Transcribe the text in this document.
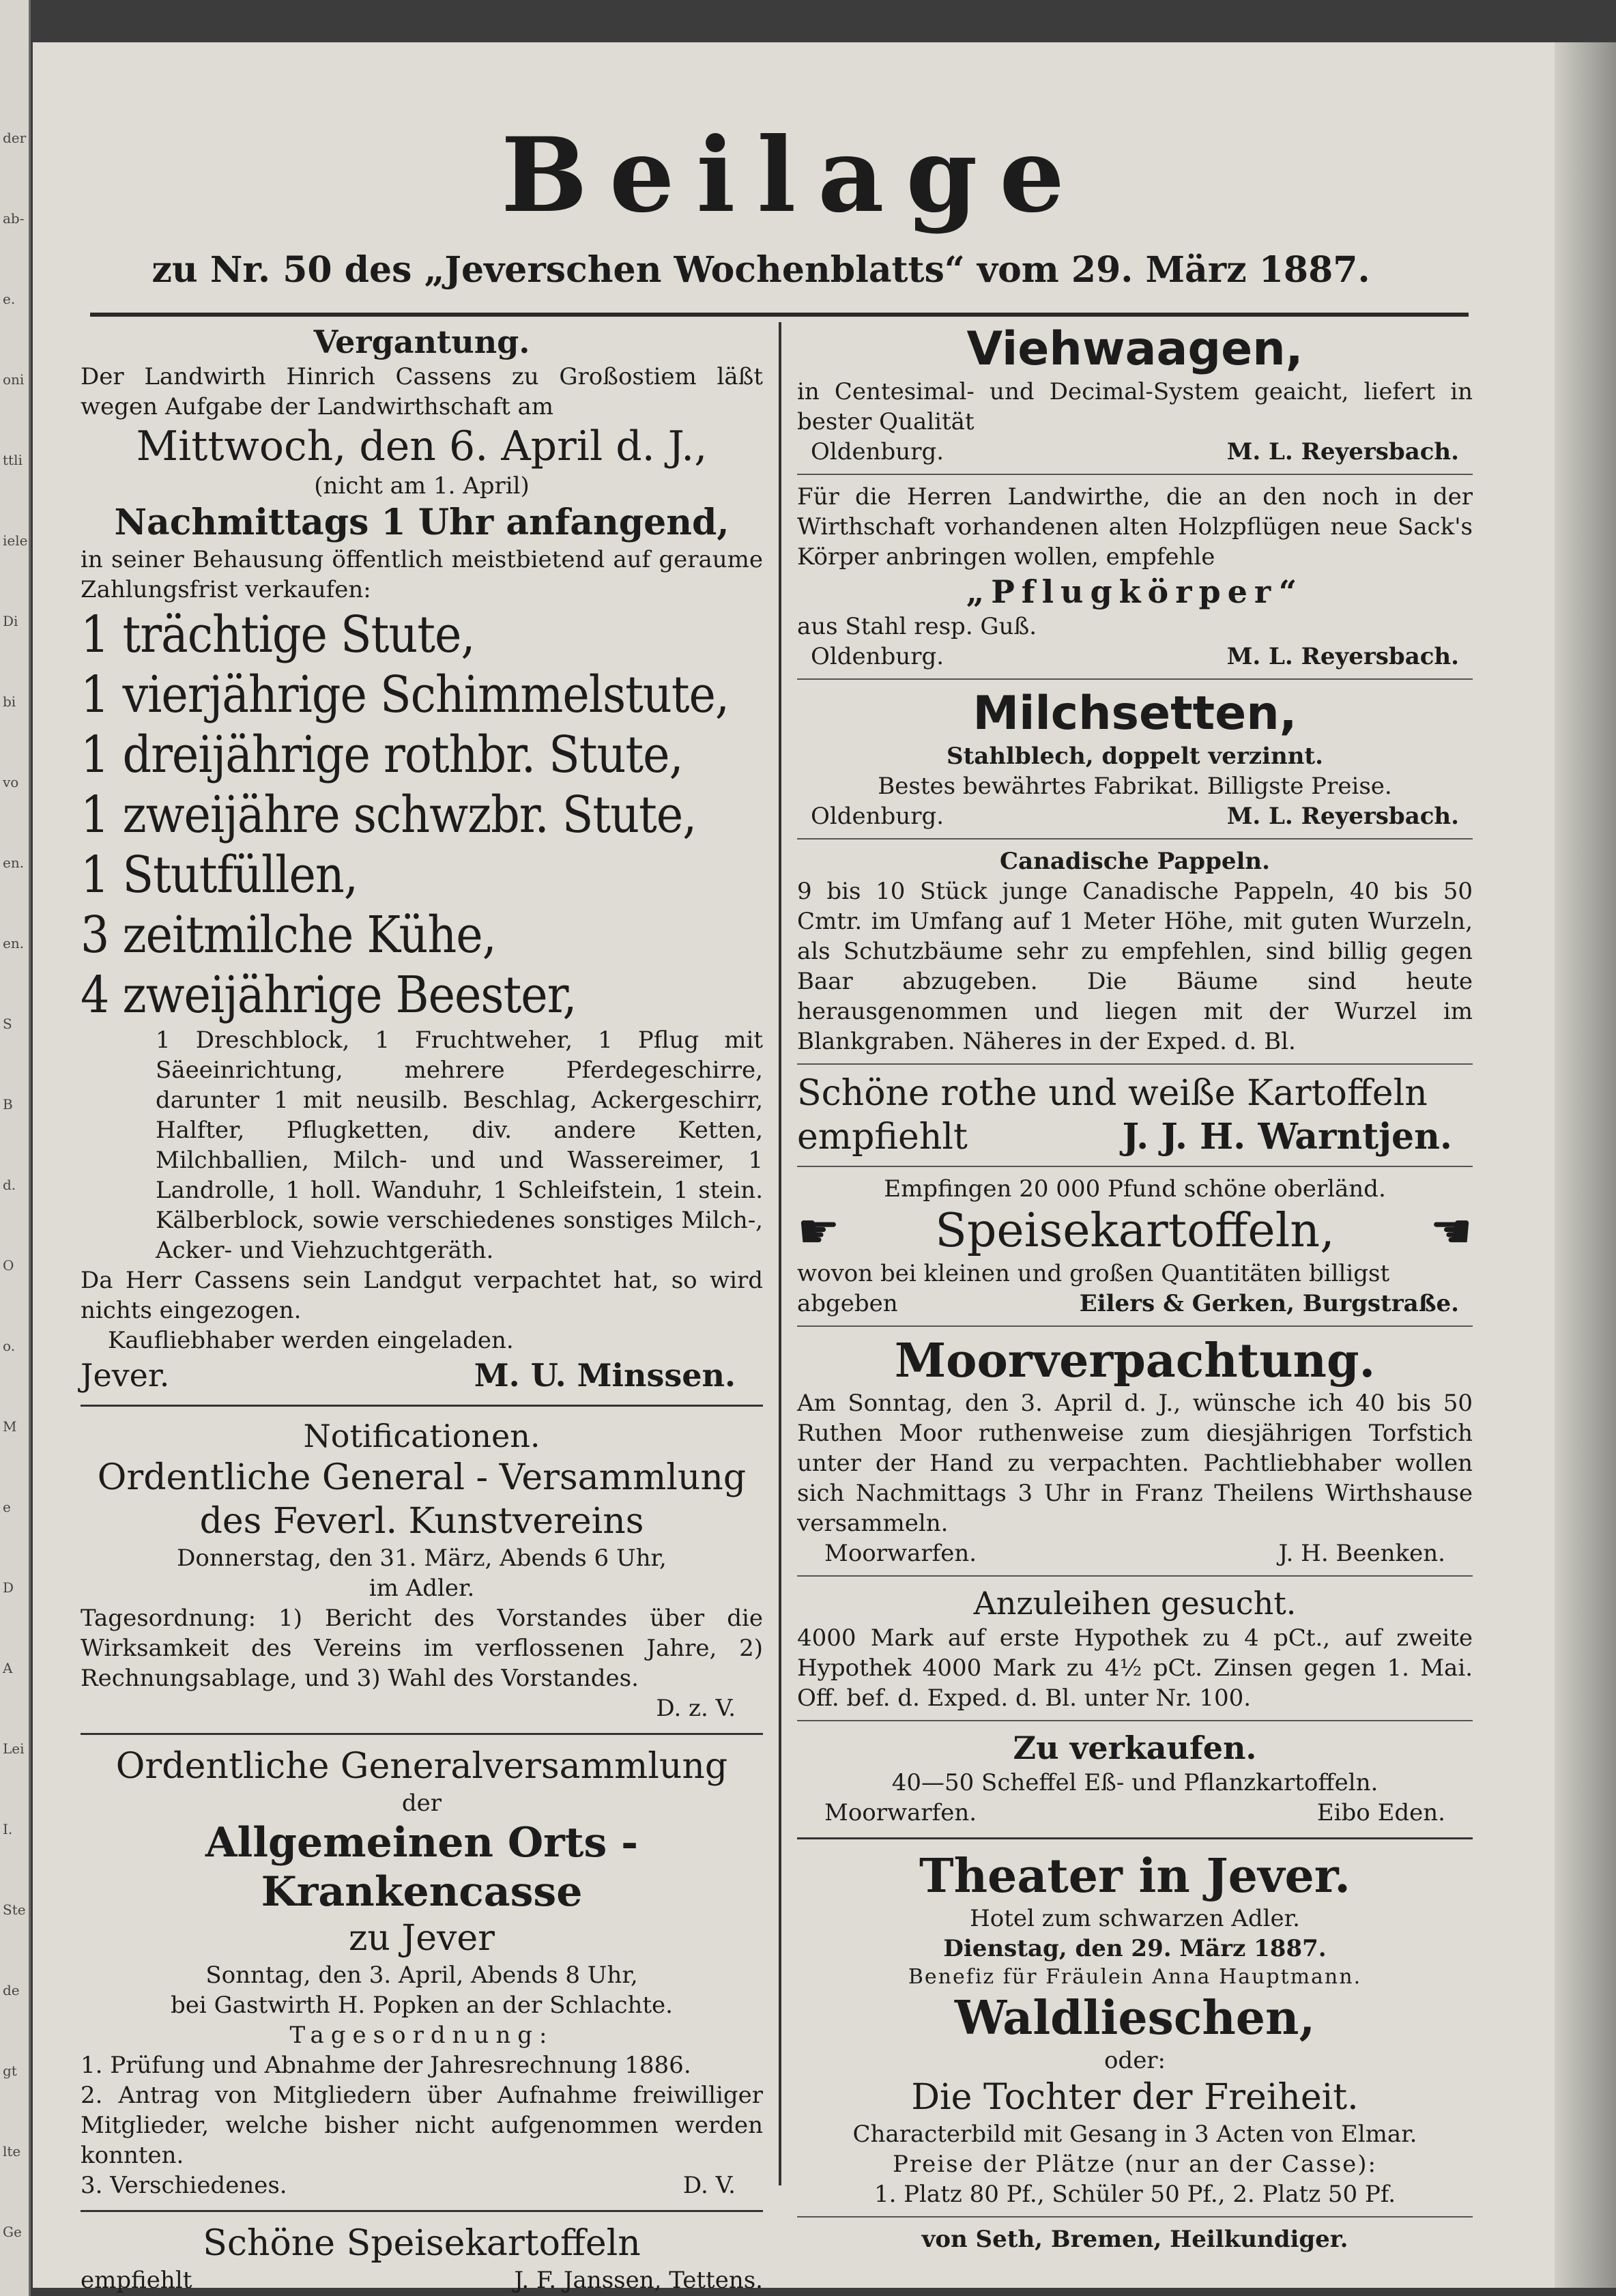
der
ab-
e.
oni
ttli
iele
Di
bi
vo
en.
en.
S
B
d.
O
o.
M
e
D
A
Lei
I.
Ste
de
gt
lte
Ge
Beilage
zu Nr. 50 des „Jeverschen Wochenblatts“ vom 29. März 1887.
Vergantung.
Der Landwirth Hinrich Cassens zu Großostiem läßt wegen Aufgabe der Landwirthschaft am
Mittwoch, den 6. April d. J.,
(nicht am 1. April)
Nachmittags 1 Uhr anfangend,
in seiner Behausung öffentlich meistbietend auf geraume Zahlungsfrist verkaufen:
1 trächtige Stute,
1 vierjährige Schimmelstute,
1 dreijährige rothbr. Stute,
1 zweijähre schwzbr. Stute,
1 Stutfüllen,
3 zeitmilche Kühe,
4 zweijährige Beester,
1 Dreschblock, 1 Fruchtweher, 1 Pflug mit Säeeinrichtung, mehrere Pferdegeschirre, darunter 1 mit neusilb. Beschlag, Ackergeschirr, Halfter, Pflugketten, div. andere Ketten, Milchballien, Milch- und und Wassereimer, 1 Landrolle, 1 holl. Wanduhr, 1 Schleifstein, 1 stein. Kälberblock, sowie verschiedenes sonstiges Milch-, Acker- und Viehzuchtgeräth.
Da Herr Cassens sein Landgut verpachtet hat, so wird nichts eingezogen.
Kaufliebhaber werden eingeladen.
Jever.	M. U. Minssen.
Notificationen.
Ordentliche General - Versammlung
des Feverl. Kunstvereins
Donnerstag, den 31. März, Abends 6 Uhr,
im Adler.
Tagesordnung: 1) Bericht des Vorstandes über die Wirksamkeit des Vereins im verflossenen Jahre, 2) Rechnungsablage, und 3) Wahl des Vorstandes.
D. z. V.
Ordentliche Generalversammlung
der
Allgemeinen Orts - Krankencasse
zu Jever
Sonntag, den 3. April, Abends 8 Uhr,
bei Gastwirth H. Popken an der Schlachte.
Tagesordnung:
1. Prüfung und Abnahme der Jahresrechnung 1886.
2. Antrag von Mitgliedern über Aufnahme freiwilliger Mitglieder, welche bisher nicht aufgenommen werden konnten.
3. Verschiedenes.	D. V.
Schöne Speisekartoffeln
empfiehlt	J. F. Janssen, Tettens.
Viehwaagen,
in Centesimal- und Decimal-System geaicht, liefert in bester Qualität
Oldenburg.	M. L. Reyersbach.
Für die Herren Landwirthe, die an den noch in der Wirthschaft vorhandenen alten Holzpflügen neue Sack's Körper anbringen wollen, empfehle
„Pflugkörper“
aus Stahl resp. Guß.
Oldenburg.	M. L. Reyersbach.
Milchsetten,
Stahlblech, doppelt verzinnt.
Bestes bewährtes Fabrikat. Billigste Preise.
Oldenburg.	M. L. Reyersbach.
Canadische Pappeln.
9 bis 10 Stück junge Canadische Pappeln, 40 bis 50 Cmtr. im Umfang auf 1 Meter Höhe, mit guten Wurzeln, als Schutzbäume sehr zu empfehlen, sind billig gegen Baar abzugeben. Die Bäume sind heute herausgenommen und liegen mit der Wurzel im Blankgraben. Näheres in der Exped. d. Bl.
Schöne rothe und weiße Kartoffeln
empfiehlt	J. J. H. Warntjen.
Empfingen 20 000 Pfund schöne oberländ.
☛ Speisekartoffeln, ☚
wovon bei kleinen und großen Quantitäten billigst
abgeben	Eilers & Gerken, Burgstraße.
Moorverpachtung.
Am Sonntag, den 3. April d. J., wünsche ich 40 bis 50 Ruthen Moor ruthenweise zum diesjährigen Torfstich unter der Hand zu verpachten. Pachtliebhaber wollen sich Nachmittags 3 Uhr in Franz Theilens Wirthshause versammeln.
Moorwarfen.	J. H. Beenken.
Anzuleihen gesucht.
4000 Mark auf erste Hypothek zu 4 pCt., auf zweite Hypothek 4000 Mark zu 4½ pCt. Zinsen gegen 1. Mai. Off. bef. d. Exped. d. Bl. unter Nr. 100.
Zu verkaufen.
40—50 Scheffel Eß- und Pflanzkartoffeln.
Moorwarfen.	Eibo Eden.
Theater in Jever.
Hotel zum schwarzen Adler.
Dienstag, den 29. März 1887.
Benefiz für Fräulein Anna Hauptmann.
Waldlieschen,
oder:
Die Tochter der Freiheit.
Characterbild mit Gesang in 3 Acten von Elmar.
Preise der Plätze (nur an der Casse):
1. Platz 80 Pf., Schüler 50 Pf., 2. Platz 50 Pf.
von Seth, Bremen, Heilkundiger.
